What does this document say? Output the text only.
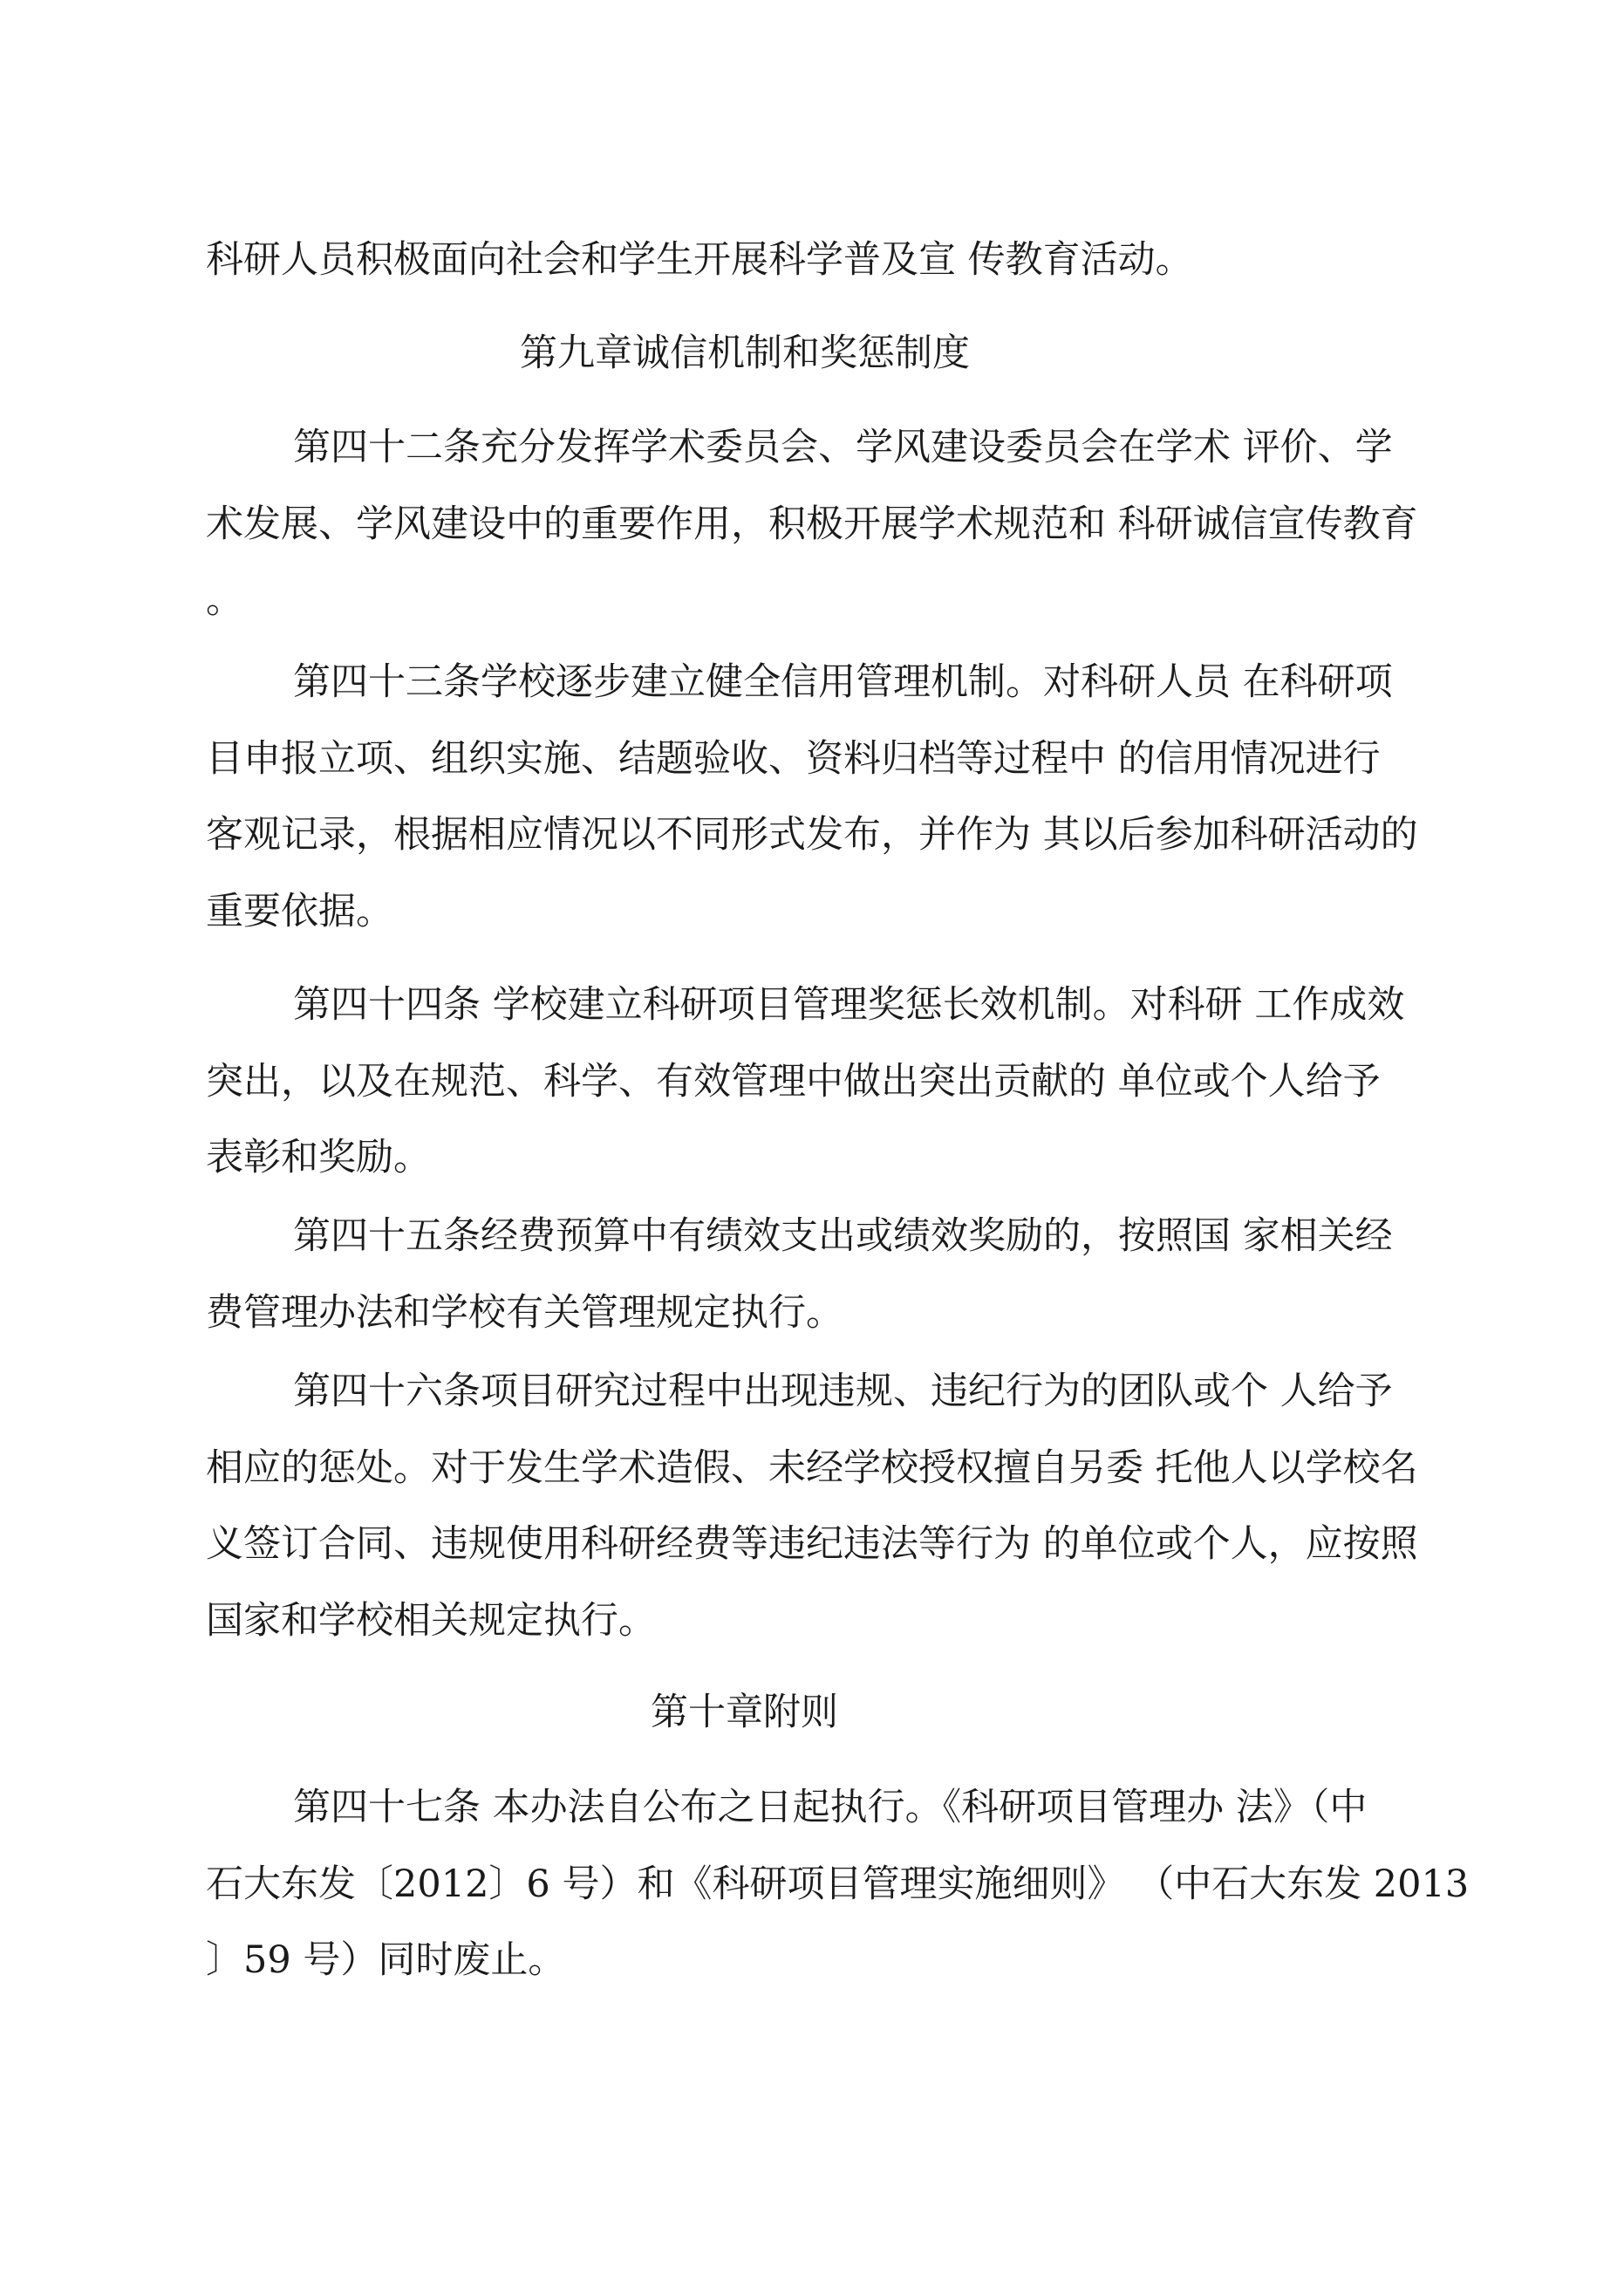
科研人员积极面向社会和学生开展科学普及宣 传教育活动。
第九章诚信机制和奖惩制度
第四十二条充分发挥学术委员会、学风建设委员会在学术 评价、学
术发展、学风建设中的重要作用，积极开展学术规范和 科研诚信宣传教育
。
第四十三条学校逐步建立健全信用管理机制。对科研人员 在科研项
目申报立项、组织实施、结题验收、资料归档等过程中 的信用情况进行
客观记录，根据相应情况以不同形式发布，并作为 其以后参加科研活动的
重要依据。
第四十四条 学校建立科研项目管理奖惩长效机制。对科研 工作成效
突出，以及在规范、科学、有效管理中做出突出贡献的 单位或个人给予
表彰和奖励。
第四十五条经费预算中有绩效支出或绩效奖励的，按照国 家相关经
费管理办法和学校有关管理规定执行。
第四十六条项目研究过程中出现违规、违纪行为的团队或个 人给予
相应的惩处。对于发生学术造假、未经学校授权擅自另委 托他人以学校名
义签订合同、违规使用科研经费等违纪违法等行为 的单位或个人，应按照
国家和学校相关规定执行。
第十章附则
第四十七条 本办法自公布之日起执行。《科研项目管理办 法》（中
石大东发〔2012〕6 号）和《科研项目管理实施细则》 （中石大东发 2013
〕59 号）同时废止。
